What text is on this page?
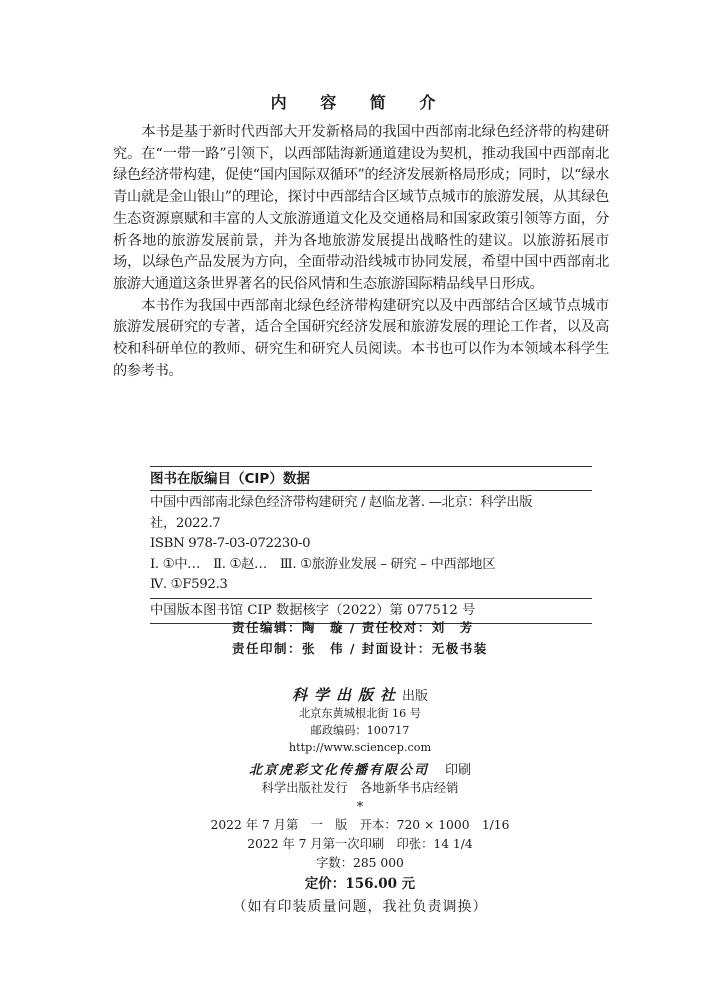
内 容 简 介

本书是基于新时代西部大开发新格局的我国中西部南北绿色经济带的构建研究。在“一带一路”引领下，以西部陆海新通道建设为契机，推动我国中西部南北绿色经济带构建，促使“国内国际双循环”的经济发展新格局形成；同时，以“绿水青山就是金山银山”的理论，探讨中西部结合区域节点城市的旅游发展，从其绿色生态资源禀赋和丰富的人文旅游通道文化及交通格局和国家政策引领等方面，分析各地的旅游发展前景，并为各地旅游发展提出战略性的建议。以旅游拓展市场，以绿色产品发展为方向，全面带动沿线城市协同发展，希望中国中西部南北旅游大通道这条世界著名的民俗风情和生态旅游国际精品线早日形成。

本书作为我国中西部南北绿色经济带构建研究以及中西部结合区域节点城市旅游发展研究的专著，适合全国研究经济发展和旅游发展的理论工作者，以及高校和科研单位的教师、研究生和研究人员阅读。本书也可以作为本领域本科学生的参考书。

图书在版编目（CIP）数据
中国中西部南北绿色经济带构建研究 / 赵临龙著. —北京：科学出版
社，2022.7
ISBN 978-7-03-072230-0
Ⅰ. ①中…　Ⅱ. ①赵…　Ⅲ. ①旅游业发展 – 研究 – 中西部地区
Ⅳ. ①F592.3
中国版本图书馆 CIP 数据核字（2022）第 077512 号
责任编辑：陶　璇 / 责任校对：刘　芳
责任印制：张　伟 / 封面设计：无极书装
科学出版社出版
北京东黄城根北街 16 号
邮政编码：100717
http://www.sciencep.com
北京虎彩文化传播有限公司　 印刷
科学出版社发行　各地新华书店经销
*
2022 年 7 月第　一　版　开本：720 × 1000　1/16
2022 年 7 月第一次印刷　印张：14 1/4
字数：285 000
定价：156.00 元
（如有印装质量问题，我社负责调换）
